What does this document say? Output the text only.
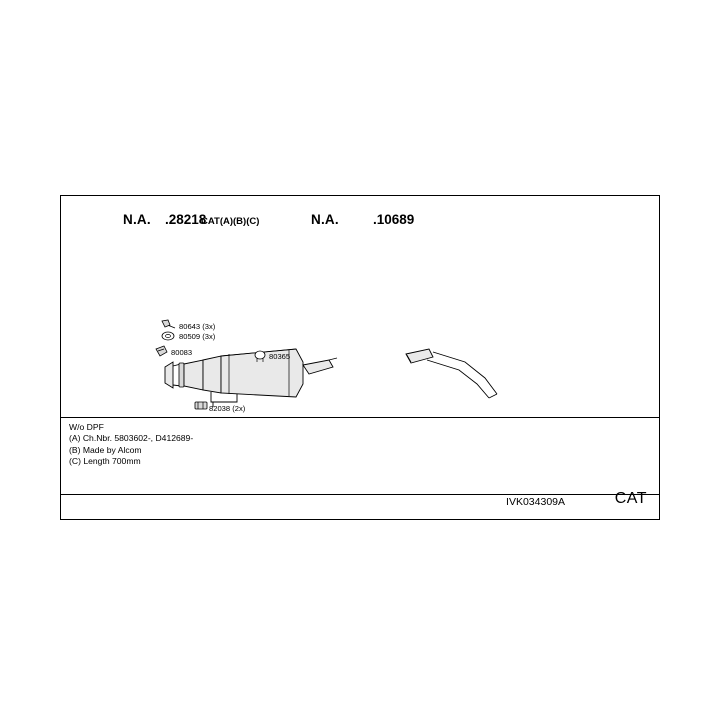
N.A. .28218
CAT(A)(B)(C)	N.A.	.10689
80643 (3x)
80509 (3x)
80083	80365
82038 (2x)
W/o DPF
(A) Ch.Nbr. 5803602-, D412689-
(B) Made by Alcom
(C) Length 700mm
IVK034309A	CAT
